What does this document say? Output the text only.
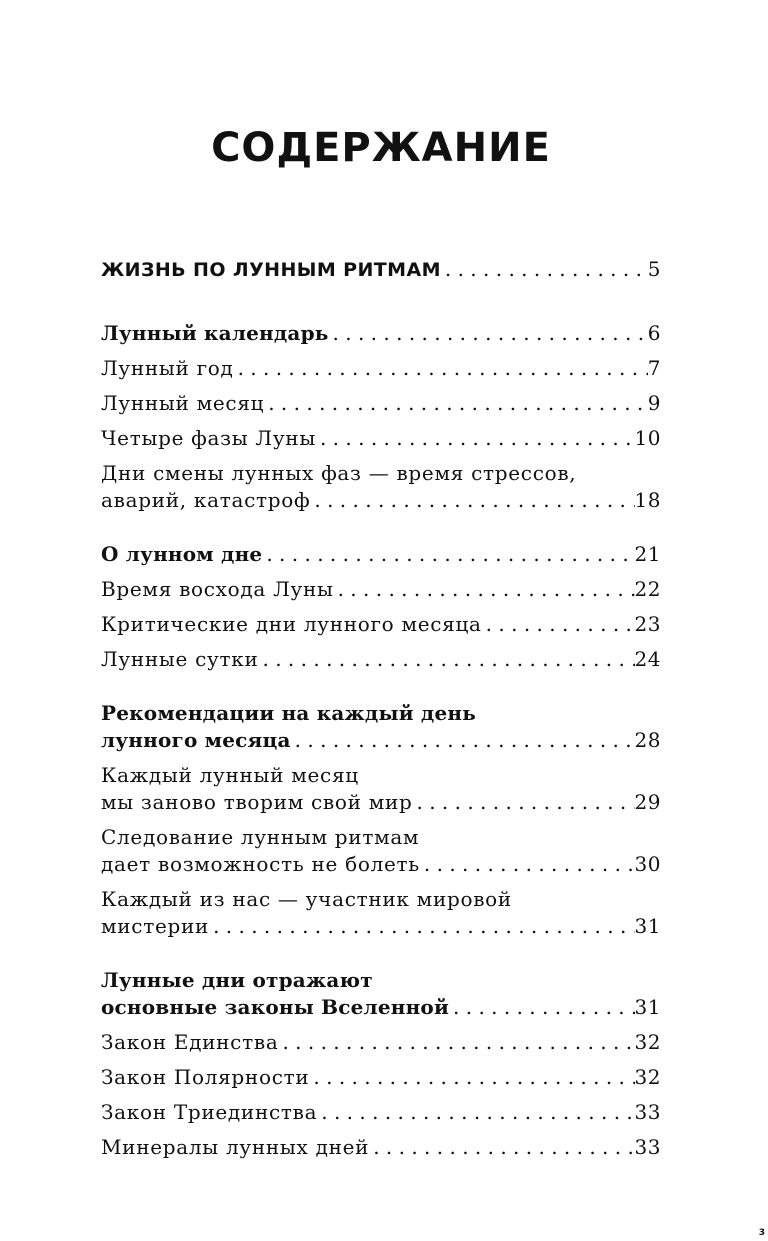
СОДЕРЖАНИЕ
ЖИЗНЬ ПО ЛУННЫМ РИТМАМ . . .	5
Лунный календарь . . .	6
Лунный год . . .	7
Лунный месяц . . .	9
Четыре фазы Луны . . .	10
Дни смены лунных фаз — время стрессов,
аварий, катастроф . . .	18
О лунном дне . . .	21
Время восхода Луны . . .	22
Критические дни лунного месяца . . .	23
Лунные сутки . . .	24
Рекомендации на каждый день
лунного месяца . . .	28
Каждый лунный месяц
мы заново творим свой мир . . .	29
Следование лунным ритмам
дает возможность не болеть . . .	30
Каждый из нас — участник мировой
мистерии . . .	31
Лунные дни отражают
основные законы Вселенной . . .	31
Закон Единства . . .	32
Закон Полярности . . .	32
Закон Триединства . . .	33
Минералы лунных дней . . .	33
3
